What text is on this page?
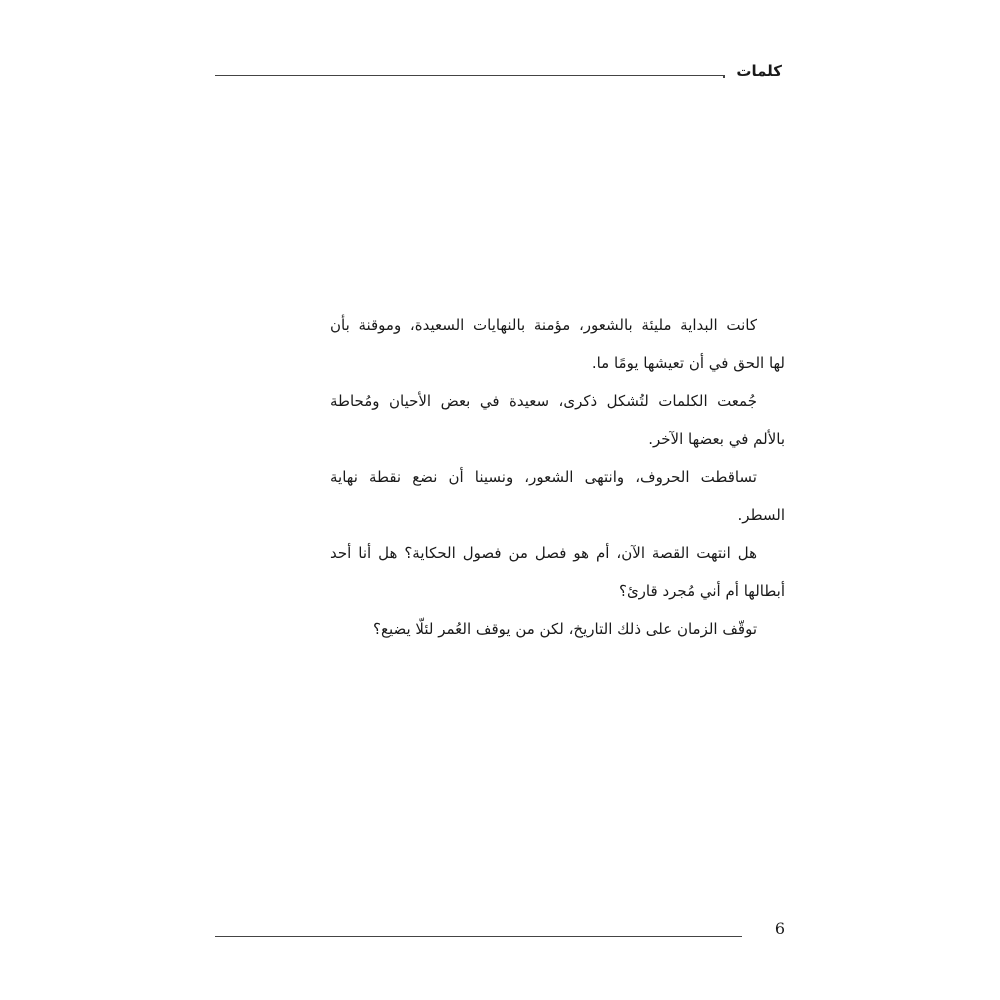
كلمات
كانت البداية مليئة بالشعور، مؤمنة بالنهايات السعيدة، وموقنة بأن
لها الحق في أن تعيشها يومًا ما.
جُمعت الكلمات لتُشكل ذكرى، سعيدة في بعض الأحيان ومُحاطة
بالألم في بعضها الآخر.
تساقطت الحروف، وانتهى الشعور، ونسينا أن نضع نقطة نهاية
السطر.
هل انتهت القصة الآن، أم هو فصل من فصول الحكاية؟ هل أنا أحد
أبطالها أم أني مُجرد قارئ؟
توقّف الزمان على ذلك التاريخ، لكن من يوقف العُمر لئلّا يضيع؟
6
